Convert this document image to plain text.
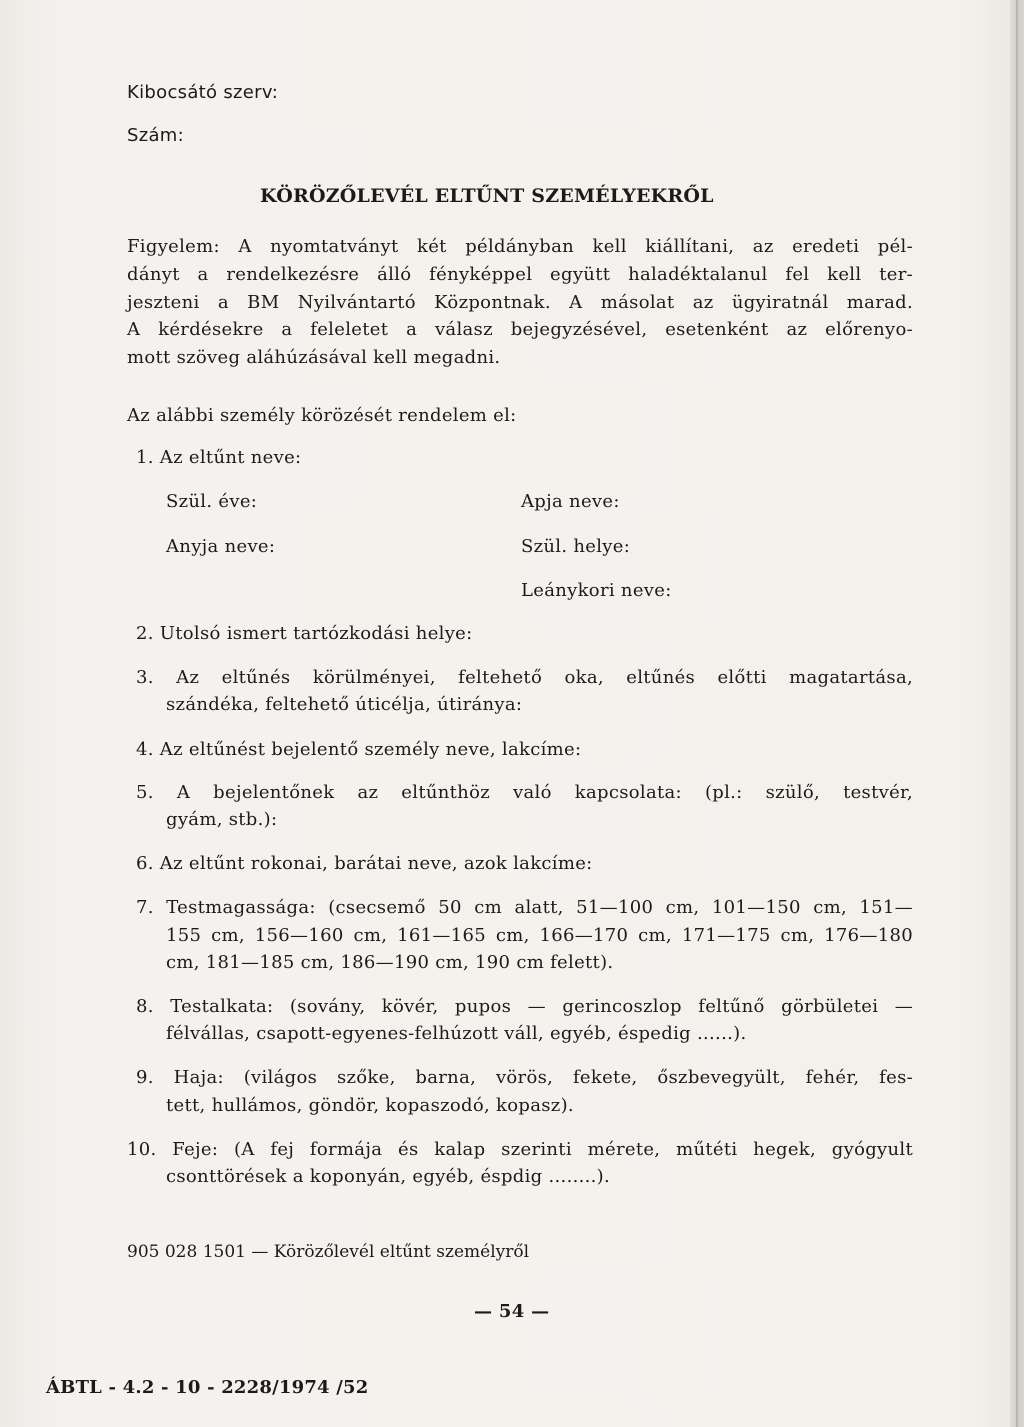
Kibocsátó szerv:
Szám:
KÖRÖZŐLEVÉL ELTŰNT SZEMÉLYEKRŐL
Figyelem: A nyomtatványt két példányban kell kiállítani, az eredeti pél-
dányt a rendelkezésre álló fényképpel együtt haladéktalanul fel kell ter-
jeszteni a BM Nyilvántartó Központnak. A másolat az ügyiratnál marad.
A kérdésekre a feleletet a válasz bejegyzésével, esetenként az előrenyo-
mott szöveg aláhúzásával kell megadni.
Az alábbi személy körözését rendelem el:
1. Az eltűnt neve:
Szül. éve:	Apja neve:
Anyja neve:	Szül. helye:
Leánykori neve:
2. Utolsó ismert tartózkodási helye:
3. Az eltűnés körülményei, feltehető oka, eltűnés előtti magatartása,
szándéka, feltehető úticélja, útiránya:
4. Az eltűnést bejelentő személy neve, lakcíme:
5. A bejelentőnek az eltűnthöz való kapcsolata: (pl.: szülő, testvér,
gyám, stb.):
6. Az eltűnt rokonai, barátai neve, azok lakcíme:
7. Testmagassága: (csecsemő 50 cm alatt, 51—100 cm, 101—150 cm, 151—
155 cm, 156—160 cm, 161—165 cm, 166—170 cm, 171—175 cm, 176—180
cm, 181—185 cm, 186—190 cm, 190 cm felett).
8. Testalkata: (sovány, kövér, pupos — gerincoszlop feltűnő görbületei —
félvállas, csapott-egyenes-felhúzott váll, egyéb, éspedig ......).
9. Haja: (világos szőke, barna, vörös, fekete, őszbevegyült, fehér, fes-
tett, hullámos, göndör, kopaszodó, kopasz).
10. Feje: (A fej formája és kalap szerinti mérete, műtéti hegek, gyógyult
csonttörések a koponyán, egyéb, éspdig ........).
905 028 1501 — Körözőlevél eltűnt személyről
— 54 —
ÁBTL - 4.2 - 10 - 2228/1974 /52
